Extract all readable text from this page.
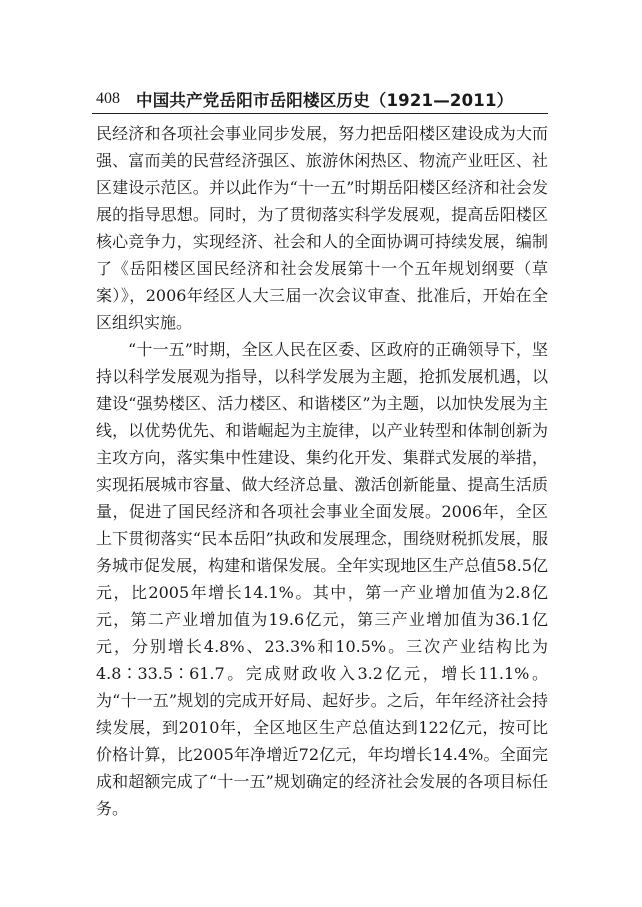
408 中国共产党岳阳市岳阳楼区历史（1921—2011）

民经济和各项社会事业同步发展，努力把岳阳楼区建设成为大而强、富而美的民营经济强区、旅游休闲热区、物流产业旺区、社区建设示范区。并以此作为“十一五”时期岳阳楼区经济和社会发展的指导思想。同时，为了贯彻落实科学发展观，提高岳阳楼区核心竞争力，实现经济、社会和人的全面协调可持续发展，编制了《岳阳楼区国民经济和社会发展第十一个五年规划纲要（草案）》，2006年经区人大三届一次会议审查、批准后，开始在全区组织实施。

“十一五”时期，全区人民在区委、区政府的正确领导下，坚持以科学发展观为指导，以科学发展为主题，抢抓发展机遇，以建设“强势楼区、活力楼区、和谐楼区”为主题，以加快发展为主线，以优势优先、和谐崛起为主旋律，以产业转型和体制创新为主攻方向，落实集中性建设、集约化开发、集群式发展的举措，实现拓展城市容量、做大经济总量、激活创新能量、提高生活质量，促进了国民经济和各项社会事业全面发展。2006年，全区上下贯彻落实“民本岳阳”执政和发展理念，围绕财税抓发展，服务城市促发展，构建和谐保发展。全年实现地区生产总值58.5亿元，比2005年增长14.1%。其中，第一产业增加值为2.8亿元，第二产业增加值为19.6亿元，第三产业增加值为36.1亿元，分别增长4.8%、23.3%和10.5%。三次产业结构比为4.8∶33.5∶61.7。完成财政收入3.2亿元，增长11.1%。为“十一五”规划的完成开好局、起好步。之后，年年经济社会持续发展，到2010年，全区地区生产总值达到122亿元，按可比价格计算，比2005年净增近72亿元，年均增长14.4%。全面完成和超额完成了“十一五”规划确定的经济社会发展的各项目标任务。
